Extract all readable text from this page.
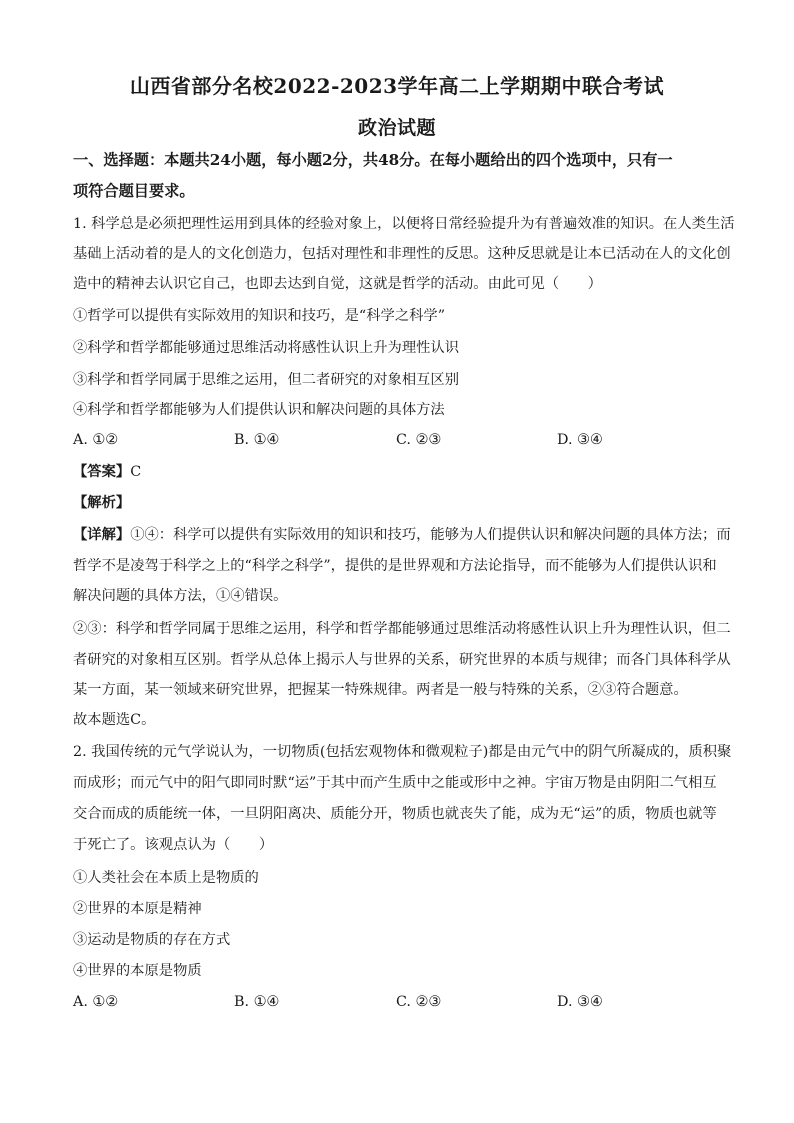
山西省部分名校2022-2023学年高二上学期期中联合考试
政治试题
一、选择题：本题共24小题，每小题2分，共48分。在每小题给出的四个选项中，只有一
项符合题目要求。
1. 科学总是必须把理性运用到具体的经验对象上，以便将日常经验提升为有普遍效准的知识。在人类生活
基础上活动着的是人的文化创造力，包括对理性和非理性的反思。这种反思就是让本已活动在人的文化创
造中的精神去认识它自己，也即去达到自觉，这就是哲学的活动。由此可见（　　）
①哲学可以提供有实际效用的知识和技巧，是“科学之科学”
②科学和哲学都能够通过思维活动将感性认识上升为理性认识
③科学和哲学同属于思维之运用，但二者研究的对象相互区别
④科学和哲学都能够为人们提供认识和解决问题的具体方法
A. ①②	B. ①④	C. ②③	D. ③④
【答案】C
【解析】
【详解】①④：科学可以提供有实际效用的知识和技巧，能够为人们提供认识和解决问题的具体方法；而
哲学不是凌驾于科学之上的“科学之科学”，提供的是世界观和方法论指导，而不能够为人们提供认识和
解决问题的具体方法，①④错误。
②③：科学和哲学同属于思维之运用，科学和哲学都能够通过思维活动将感性认识上升为理性认识，但二
者研究的对象相互区别。哲学从总体上揭示人与世界的关系，研究世界的本质与规律；而各门具体科学从
某一方面，某一领域来研究世界，把握某一特殊规律。两者是一般与特殊的关系，②③符合题意。
故本题选C。
2. 我国传统的元气学说认为，一切物质(包括宏观物体和微观粒子)都是由元气中的阴气所凝成的，质积聚
而成形；而元气中的阳气即同时默“运”于其中而产生质中之能或形中之神。宇宙万物是由阴阳二气相互
交合而成的质能统一体，一旦阴阳离决、质能分开，物质也就丧失了能，成为无“运”的质，物质也就等
于死亡了。该观点认为（　　）
①人类社会在本质上是物质的
②世界的本原是精神
③运动是物质的存在方式
④世界的本原是物质
A. ①②	B. ①④	C. ②③	D. ③④
